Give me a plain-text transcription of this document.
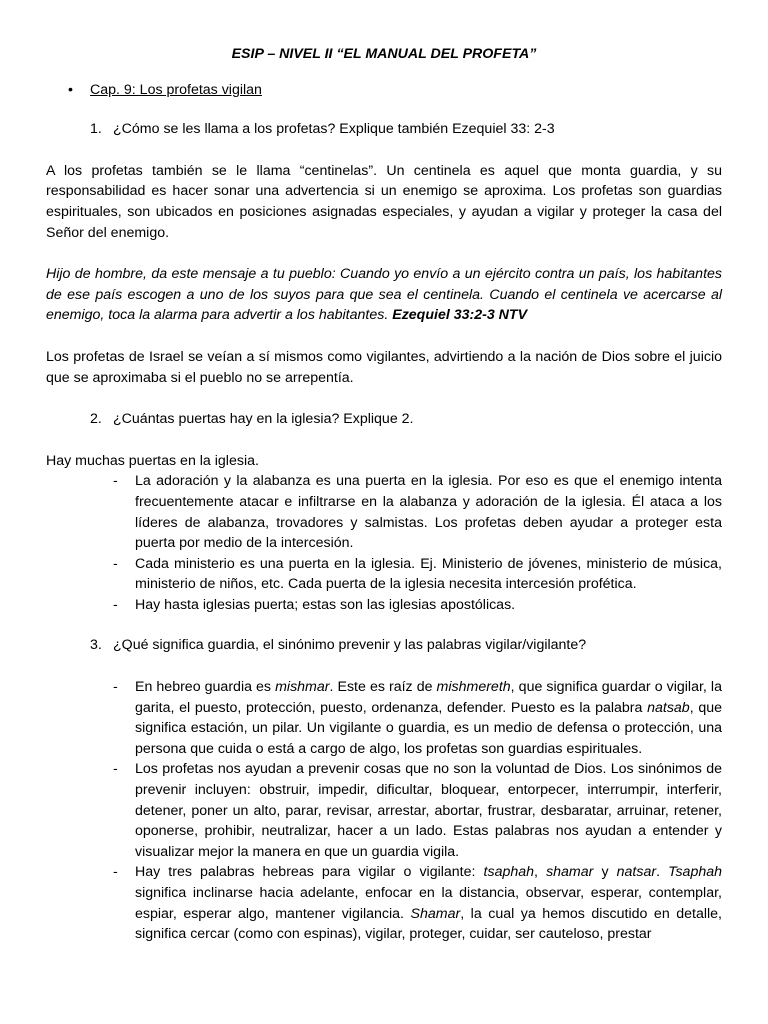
ESIP – NIVEL II “EL MANUAL DEL PROFETA”
• Cap. 9: Los profetas vigilan
1. ¿Cómo se les llama a los profetas? Explique también Ezequiel 33: 2-3

A los profetas también se le llama “centinelas”. Un centinela es aquel que monta guardia, y su responsabilidad es hacer sonar una advertencia si un enemigo se aproxima. Los profetas son guardias espirituales, son ubicados en posiciones asignadas especiales, y ayudan a vigilar y proteger la casa del Señor del enemigo.

Hijo de hombre, da este mensaje a tu pueblo: Cuando yo envío a un ejército contra un país, los habitantes de ese país escogen a uno de los suyos para que sea el centinela. Cuando el centinela ve acercarse al enemigo, toca la alarma para advertir a los habitantes. Ezequiel 33:2-3 NTV

Los profetas de Israel se veían a sí mismos como vigilantes, advirtiendo a la nación de Dios sobre el juicio que se aproximaba si el pueblo no se arrepentía.

2. ¿Cuántas puertas hay en la iglesia? Explique 2.

Hay muchas puertas en la iglesia.

- La adoración y la alabanza es una puerta en la iglesia. Por eso es que el enemigo intenta frecuentemente atacar e infiltrarse en la alabanza y adoración de la iglesia. Él ataca a los líderes de alabanza, trovadores y salmistas. Los profetas deben ayudar a proteger esta puerta por medio de la intercesión.
- Cada ministerio es una puerta en la iglesia. Ej. Ministerio de jóvenes, ministerio de música, ministerio de niños, etc. Cada puerta de la iglesia necesita intercesión profética.
- Hay hasta iglesias puerta; estas son las iglesias apostólicas.
3. ¿Qué significa guardia, el sinónimo prevenir y las palabras vigilar/vigilante?
- En hebreo guardia es mishmar. Este es raíz de mishmereth, que significa guardar o vigilar, la garita, el puesto, protección, puesto, ordenanza, defender. Puesto es la palabra natsab, que significa estación, un pilar. Un vigilante o guardia, es un medio de defensa o protección, una persona que cuida o está a cargo de algo, los profetas son guardias espirituales.
- Los profetas nos ayudan a prevenir cosas que no son la voluntad de Dios. Los sinónimos de prevenir incluyen: obstruir, impedir, dificultar, bloquear, entorpecer, interrumpir, interferir, detener, poner un alto, parar, revisar, arrestar, abortar, frustrar, desbaratar, arruinar, retener, oponerse, prohibir, neutralizar, hacer a un lado. Estas palabras nos ayudan a entender y visualizar mejor la manera en que un guardia vigila.
- Hay tres palabras hebreas para vigilar o vigilante: tsaphah, shamar y natsar. Tsaphah significa inclinarse hacia adelante, enfocar en la distancia, observar, esperar, contemplar, espiar, esperar algo, mantener vigilancia. Shamar, la cual ya hemos discutido en detalle, significa cercar (como con espinas), vigilar, proteger, cuidar, ser cauteloso, prestar
